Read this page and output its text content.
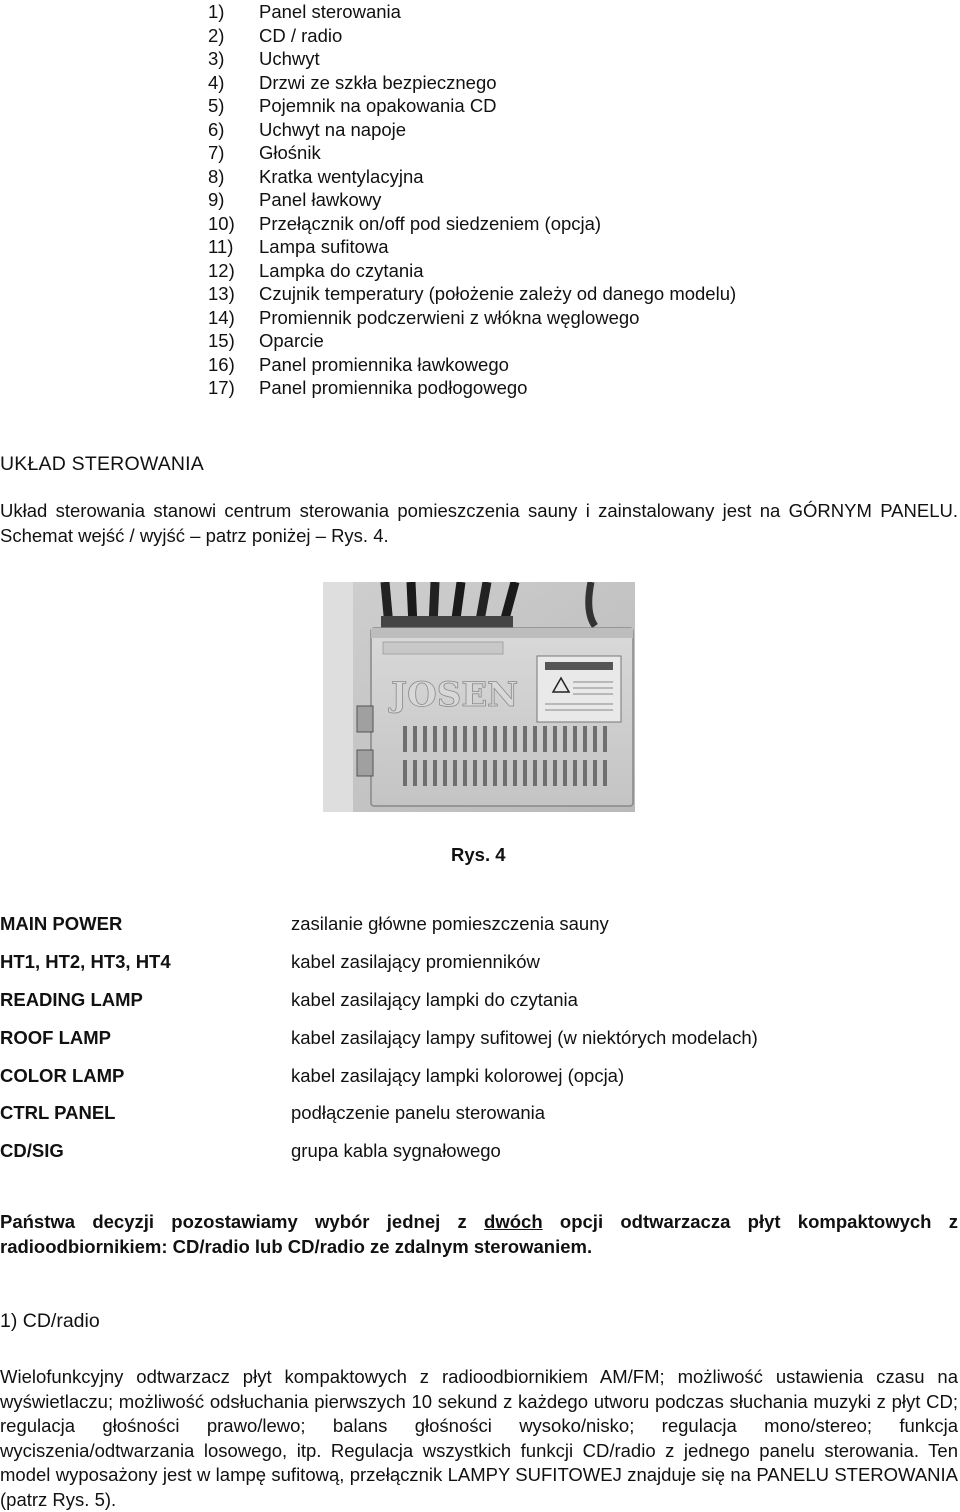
1) Panel sterowania
2) CD / radio
3) Uchwyt
4) Drzwi ze szkła bezpiecznego
5) Pojemnik na opakowania CD
6) Uchwyt na napoje
7) Głośnik
8) Kratka wentylacyjna
9) Panel ławkowy
10) Przełącznik on/off pod siedzeniem (opcja)
11) Lampa sufitowa
12) Lampka do czytania
13) Czujnik temperatury (położenie zależy od danego modelu)
14) Promiennik podczerwieni z włókna węglowego
15) Oparcie
16) Panel promiennika ławkowego
17) Panel promiennika podłogowego
UKŁAD STEROWANIA
Układ sterowania stanowi centrum sterowania pomieszczenia sauny i zainstalowany jest na GÓRNYM PANELU. Schemat wejść / wyjść – patrz poniżej – Rys. 4.
JOSEN
Rys. 4
MAIN POWER	zasilanie główne pomieszczenia sauny
HT1, HT2, HT3, HT4	kabel zasilający promienników
READING LAMP	kabel zasilający lampki do czytania
ROOF LAMP	kabel zasilający lampy sufitowej (w niektórych modelach)
COLOR LAMP	kabel zasilający lampki kolorowej (opcja)
CTRL PANEL	podłączenie panelu sterowania
CD/SIG	grupa kabla sygnałowego
Państwa decyzji pozostawiamy wybór jednej z dwóch opcji odtwarzacza płyt kompaktowych z radioodbiornikiem: CD/radio lub CD/radio ze zdalnym sterowaniem.
1) CD/radio
Wielofunkcyjny odtwarzacz płyt kompaktowych z radioodbiornikiem AM/FM; możliwość ustawienia czasu na wyświetlaczu; możliwość odsłuchania pierwszych 10 sekund z każdego utworu podczas słuchania muzyki z płyt CD; regulacja głośności prawo/lewo; balans głośności wysoko/nisko; regulacja mono/stereo; funkcja wyciszenia/odtwarzania losowego, itp. Regulacja wszystkich funkcji CD/radio z jednego panelu sterowania. Ten model wyposażony jest w lampę sufitową, przełącznik LAMPY SUFITOWEJ znajduje się na PANELU STEROWANIA (patrz Rys. 5).
